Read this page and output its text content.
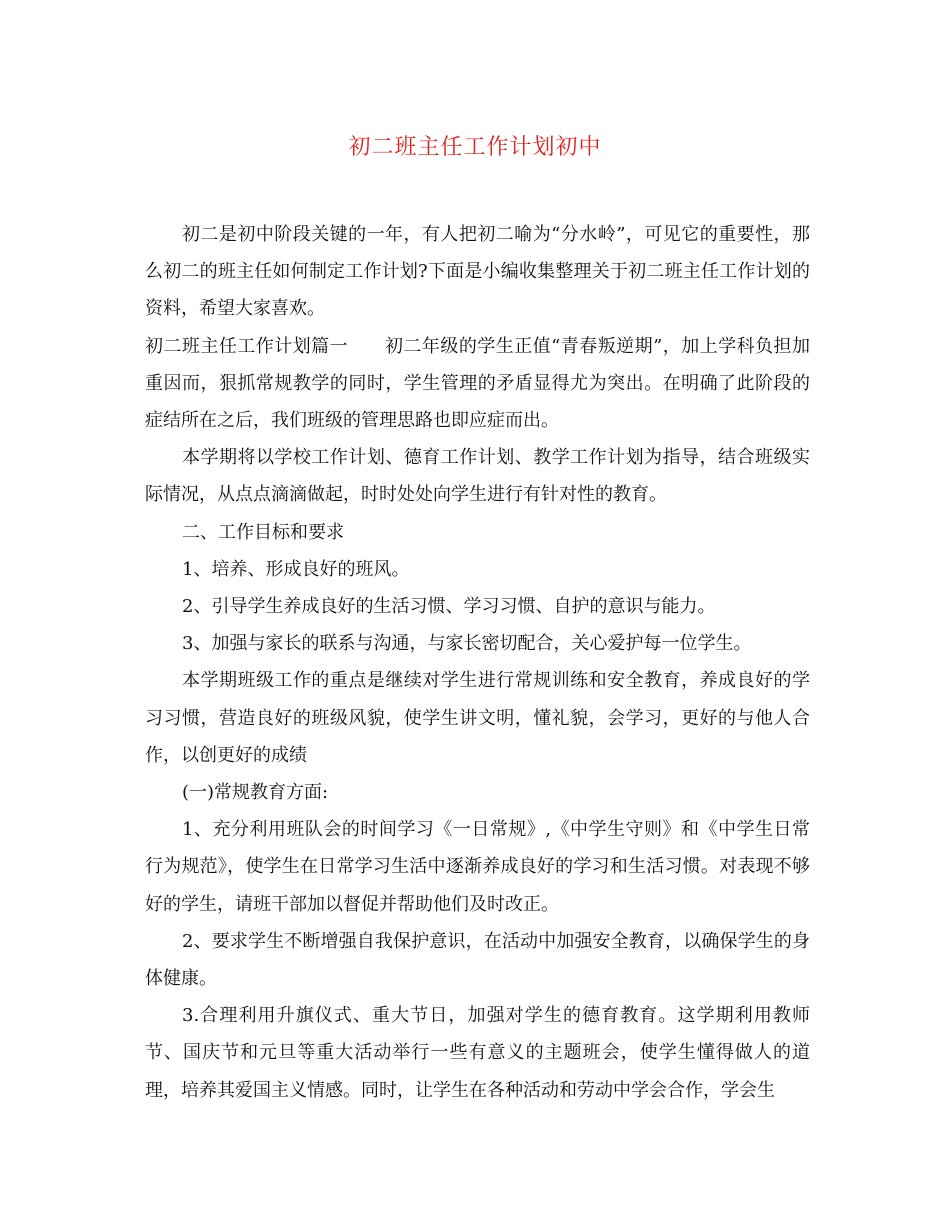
初二班主任工作计划初中

初二是初中阶段关键的一年，有人把初二喻为“分水岭”，可见它的重要性，那么初二的班主任如何制定工作计划?下面是小编收集整理关于初二班主任工作计划的资料，希望大家喜欢。

初二班主任工作计划篇一　　初二年级的学生正值“青春叛逆期”，加上学科负担加重因而，狠抓常规教学的同时，学生管理的矛盾显得尤为突出。在明确了此阶段的症结所在之后，我们班级的管理思路也即应症而出。

本学期将以学校工作计划、德育工作计划、教学工作计划为指导，结合班级实际情况，从点点滴滴做起，时时处处向学生进行有针对性的教育。

二、工作目标和要求

1、培养、形成良好的班风。

2、引导学生养成良好的生活习惯、学习习惯、自护的意识与能力。

3、加强与家长的联系与沟通，与家长密切配合，关心爱护每一位学生。

本学期班级工作的重点是继续对学生进行常规训练和安全教育，养成良好的学习习惯，营造良好的班级风貌，使学生讲文明，懂礼貌，会学习，更好的与他人合作，以创更好的成绩

(一)常规教育方面:

1、充分利用班队会的时间学习《一日常规》,《中学生守则》和《中学生日常行为规范》，使学生在日常学习生活中逐渐养成良好的学习和生活习惯。对表现不够好的学生，请班干部加以督促并帮助他们及时改正。

2、要求学生不断增强自我保护意识，在活动中加强安全教育，以确保学生的身体健康。

3.合理利用升旗仪式、重大节日，加强对学生的德育教育。这学期利用教师节、国庆节和元旦等重大活动举行一些有意义的主题班会，使学生懂得做人的道理，培养其爱国主义情感。同时，让学生在各种活动和劳动中学会合作，学会生
